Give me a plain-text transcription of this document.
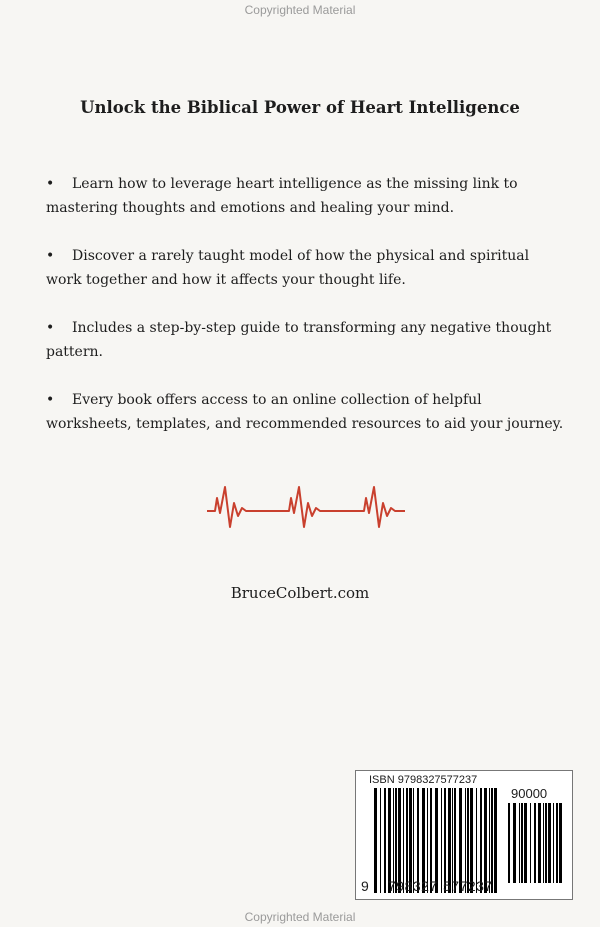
Copyrighted Material
Unlock the Biblical Power of Heart Intelligence
• Learn how to leverage heart intelligence as the missing link to mastering thoughts and emotions and healing your mind.
• Discover a rarely taught model of how the physical and spiritual work together and how it affects your thought life.
• Includes a step-by-step guide to transforming any negative thought pattern.
• Every book offers access to an online collection of helpful worksheets, templates, and recommended resources to aid your journey.
BruceColbert.com
ISBN 9798327577237
90000
9 798327 577237
Copyrighted Material
